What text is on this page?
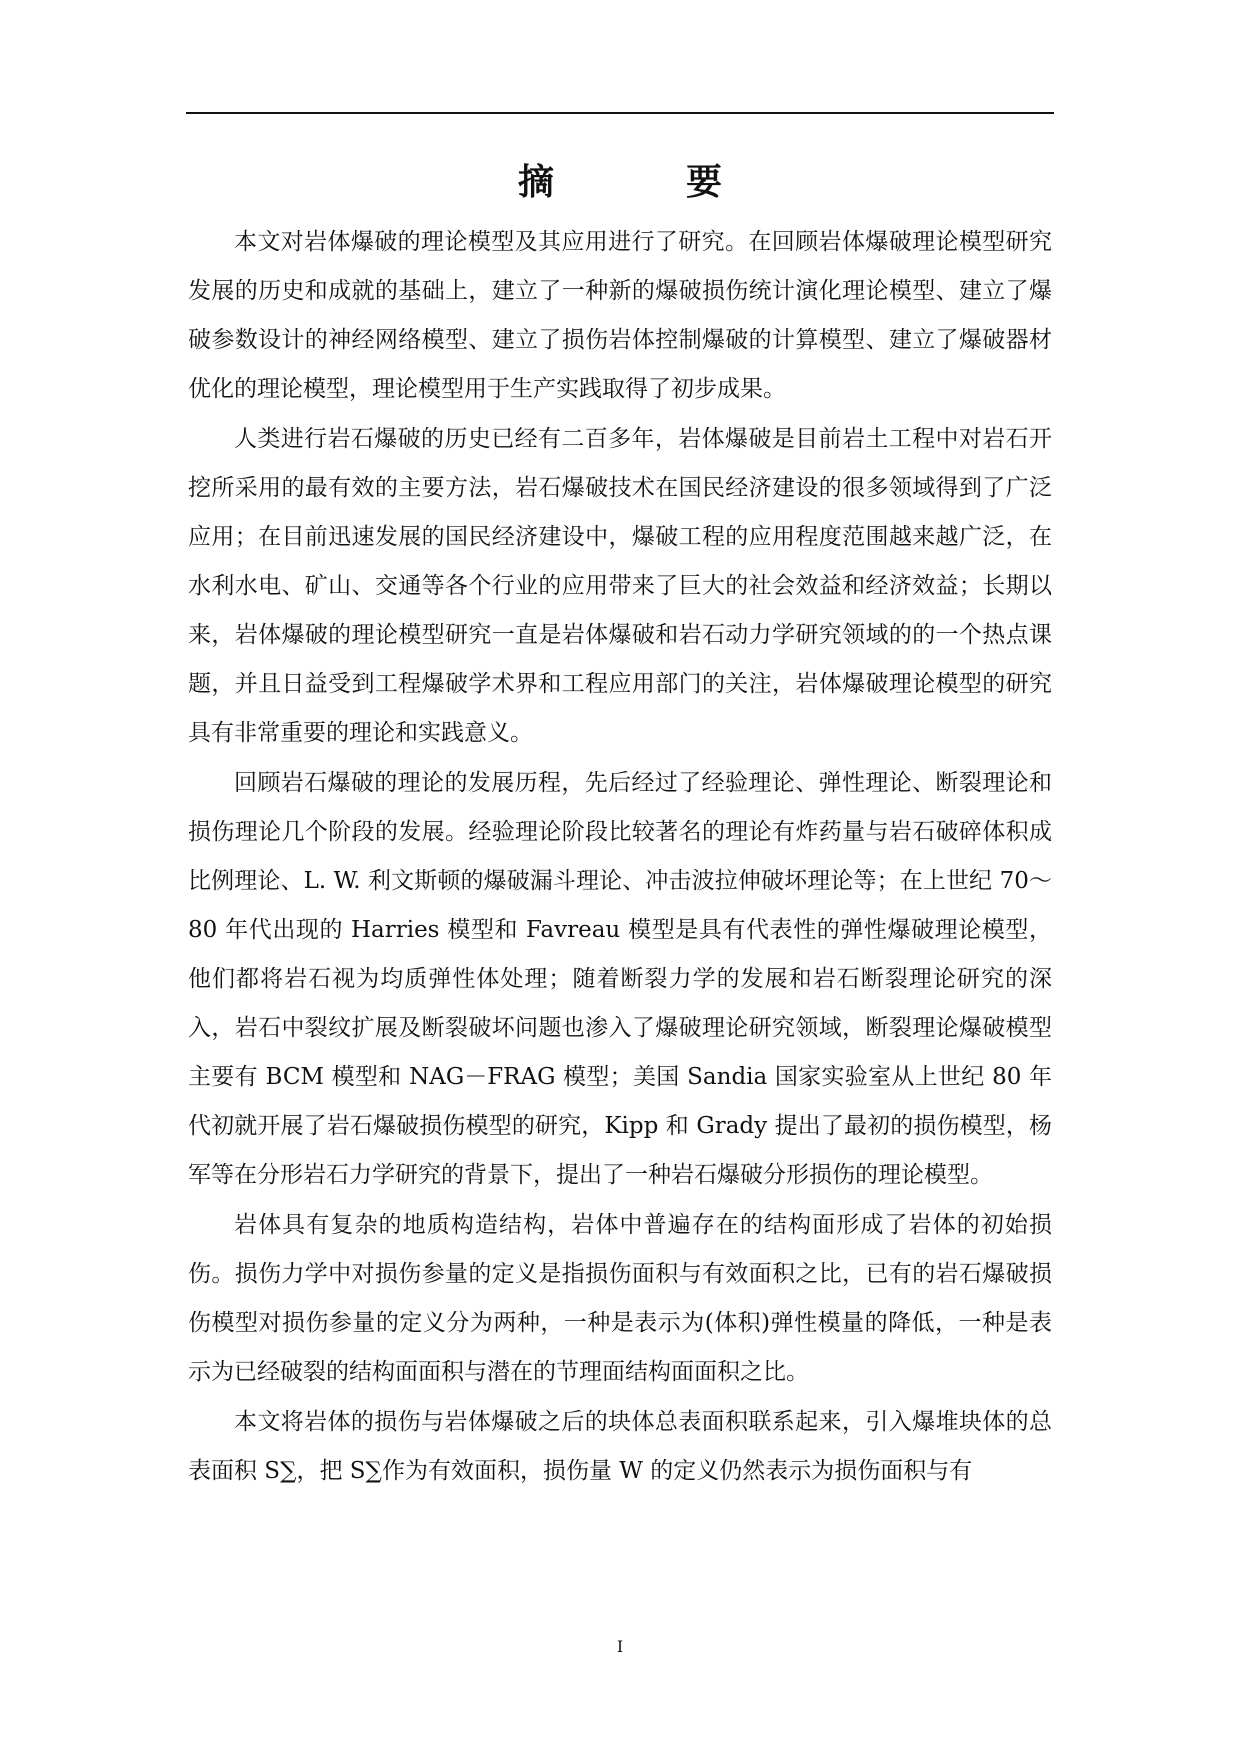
摘　要

本文对岩体爆破的理论模型及其应用进行了研究。在回顾岩体爆破理论模型研究发展的历史和成就的基础上，建立了一种新的爆破损伤统计演化理论模型、建立了爆破参数设计的神经网络模型、建立了损伤岩体控制爆破的计算模型、建立了爆破器材优化的理论模型，理论模型用于生产实践取得了初步成果。

人类进行岩石爆破的历史已经有二百多年，岩体爆破是目前岩土工程中对岩石开挖所采用的最有效的主要方法，岩石爆破技术在国民经济建设的很多领域得到了广泛应用；在目前迅速发展的国民经济建设中，爆破工程的应用程度范围越来越广泛，在水利水电、矿山、交通等各个行业的应用带来了巨大的社会效益和经济效益；长期以来，岩体爆破的理论模型研究一直是岩体爆破和岩石动力学研究领域的的一个热点课题，并且日益受到工程爆破学术界和工程应用部门的关注，岩体爆破理论模型的研究具有非常重要的理论和实践意义。

回顾岩石爆破的理论的发展历程，先后经过了经验理论、弹性理论、断裂理论和损伤理论几个阶段的发展。经验理论阶段比较著名的理论有炸药量与岩石破碎体积成比例理论、L. W. 利文斯顿的爆破漏斗理论、冲击波拉伸破坏理论等；在上世纪 70～80 年代出现的 Harries 模型和 Favreau 模型是具有代表性的弹性爆破理论模型，他们都将岩石视为均质弹性体处理；随着断裂力学的发展和岩石断裂理论研究的深入，岩石中裂纹扩展及断裂破坏问题也渗入了爆破理论研究领域，断裂理论爆破模型主要有 BCM 模型和 NAG－FRAG 模型；美国 Sandia 国家实验室从上世纪 80 年代初就开展了岩石爆破损伤模型的研究，Kipp 和 Grady 提出了最初的损伤模型，杨军等在分形岩石力学研究的背景下，提出了一种岩石爆破分形损伤的理论模型。

岩体具有复杂的地质构造结构，岩体中普遍存在的结构面形成了岩体的初始损伤。损伤力学中对损伤参量的定义是指损伤面积与有效面积之比，已有的岩石爆破损伤模型对损伤参量的定义分为两种，一种是表示为(体积)弹性模量的降低，一种是表示为已经破裂的结构面面积与潜在的节理面结构面面积之比。

本文将岩体的损伤与岩体爆破之后的块体总表面积联系起来，引入爆堆块体的总表面积 S∑，把 S∑作为有效面积，损伤量 W 的定义仍然表示为损伤面积与有

I
